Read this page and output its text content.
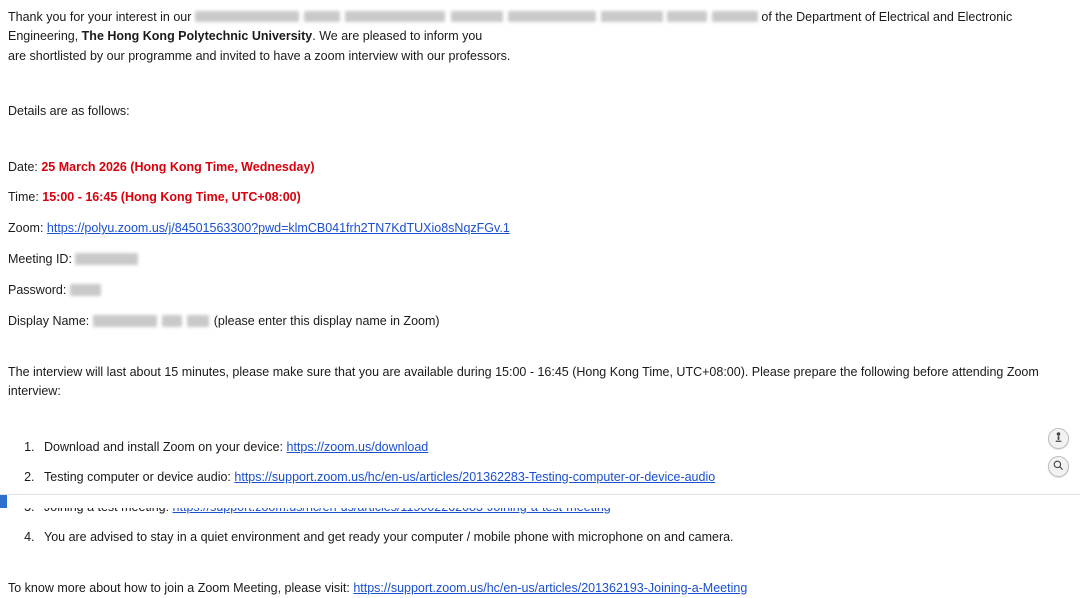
Thank you for your interest in our	of the Department of Electrical and Electronic Engineering, The Hong Kong Polytechnic University. We are pleased to inform you
are shortlisted by our programme and invited to have a zoom interview with our professors.

Details are as follows:

Date: 25 March 2026 (Hong Kong Time, Wednesday)

Time: 15:00 - 16:45 (Hong Kong Time, UTC+08:00)

Zoom: https://polyu.zoom.us/j/84501563300?pwd=klmCB041frh2TN7KdTUXio8sNqzFGv.1

Meeting ID:

Password:

Display Name:	(please enter this display name in Zoom)

The interview will last about 15 minutes, please make sure that you are available during 15:00 - 16:45 (Hong Kong Time, UTC+08:00). Please prepare the following before attending Zoom interview:

1. Download and install Zoom on your device: https://zoom.us/download
2. Testing computer or device audio: https://support.zoom.us/hc/en-us/articles/201362283-Testing-computer-or-device-audio
3.
4. You are advised to stay in a quiet environment and get ready your computer / mobile phone with microphone on and camera.

To know more about how to join a Zoom Meeting, please visit: https://support.zoom.us/hc/en-us/articles/201362193-Joining-a-Meeting
